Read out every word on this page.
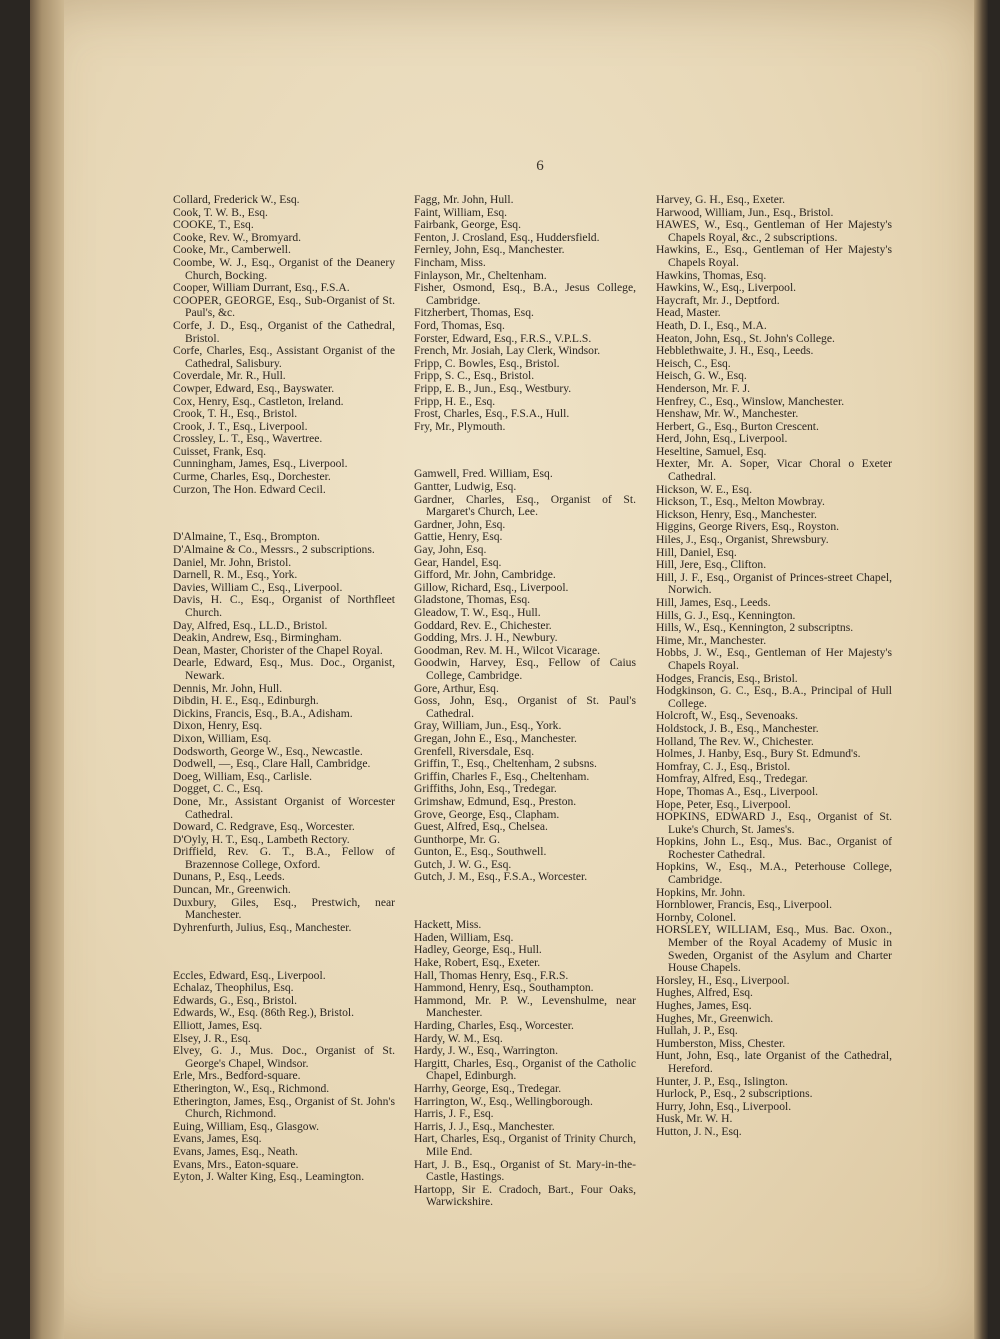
6

Collard, Frederick W., Esq.

Cook, T. W. B., Esq.

COOKE, T., Esq.

Cooke, Rev. W., Bromyard.

Cooke, Mr., Camberwell.

Coombe, W. J., Esq., Organist of the Deanery Church, Bocking.

Cooper, William Durrant, Esq., F.S.A.

COOPER, GEORGE, Esq., Sub-Organist of St. Paul's, &c.

Corfe, J. D., Esq., Organist of the Cathedral, Bristol.

Corfe, Charles, Esq., Assistant Organist of the Cathedral, Salisbury.

Coverdale, Mr. R., Hull.

Cowper, Edward, Esq., Bayswater.

Cox, Henry, Esq., Castleton, Ireland.

Crook, T. H., Esq., Bristol.

Crook, J. T., Esq., Liverpool.

Crossley, L. T., Esq., Wavertree.

Cuisset, Frank, Esq.

Cunningham, James, Esq., Liverpool.

Curme, Charles, Esq., Dorchester.

Curzon, The Hon. Edward Cecil.

D'Almaine, T., Esq., Brompton.

D'Almaine & Co., Messrs., 2 subscriptions.

Daniel, Mr. John, Bristol.

Darnell, R. M., Esq., York.

Davies, William C., Esq., Liverpool.

Davis, H. C., Esq., Organist of Northfleet Church.

Day, Alfred, Esq., LL.D., Bristol.

Deakin, Andrew, Esq., Birmingham.

Dean, Master, Chorister of the Chapel Royal.

Dearle, Edward, Esq., Mus. Doc., Organist, Newark.

Dennis, Mr. John, Hull.

Dibdin, H. E., Esq., Edinburgh.

Dickins, Francis, Esq., B.A., Adisham.

Dixon, Henry, Esq.

Dixon, William, Esq.

Dodsworth, George W., Esq., Newcastle.

Dodwell, —, Esq., Clare Hall, Cambridge.

Doeg, William, Esq., Carlisle.

Dogget, C. C., Esq.

Done, Mr., Assistant Organist of Worcester Cathedral.

Doward, C. Redgrave, Esq., Worcester.

D'Oyly, H. T., Esq., Lambeth Rectory.

Driffield, Rev. G. T., B.A., Fellow of Brazennose College, Oxford.

Dunans, P., Esq., Leeds.

Duncan, Mr., Greenwich.

Duxbury, Giles, Esq., Prestwich, near Manchester.

Dyhrenfurth, Julius, Esq., Manchester.

Eccles, Edward, Esq., Liverpool.

Echalaz, Theophilus, Esq.

Edwards, G., Esq., Bristol.

Edwards, W., Esq. (86th Reg.), Bristol.

Elliott, James, Esq.

Elsey, J. R., Esq.

Elvey, G. J., Mus. Doc., Organist of St. George's Chapel, Windsor.

Erle, Mrs., Bedford-square.

Etherington, W., Esq., Richmond.

Etherington, James, Esq., Organist of St. John's Church, Richmond.

Euing, William, Esq., Glasgow.

Evans, James, Esq.

Evans, James, Esq., Neath.

Evans, Mrs., Eaton-square.

Eyton, J. Walter King, Esq., Leamington.

Fagg, Mr. John, Hull.

Faint, William, Esq.

Fairbank, George, Esq.

Fenton, J. Crosland, Esq., Huddersfield.

Fernley, John, Esq., Manchester.

Fincham, Miss.

Finlayson, Mr., Cheltenham.

Fisher, Osmond, Esq., B.A., Jesus College, Cambridge.

Fitzherbert, Thomas, Esq.

Ford, Thomas, Esq.

Forster, Edward, Esq., F.R.S., V.P.L.S.

French, Mr. Josiah, Lay Clerk, Windsor.

Fripp, C. Bowles, Esq., Bristol.

Fripp, S. C., Esq., Bristol.

Fripp, E. B., Jun., Esq., Westbury.

Fripp, H. E., Esq.

Frost, Charles, Esq., F.S.A., Hull.

Fry, Mr., Plymouth.

Gamwell, Fred. William, Esq.

Gantter, Ludwig, Esq.

Gardner, Charles, Esq., Organist of St. Margaret's Church, Lee.

Gardner, John, Esq.

Gattie, Henry, Esq.

Gay, John, Esq.

Gear, Handel, Esq.

Gifford, Mr. John, Cambridge.

Gillow, Richard, Esq., Liverpool.

Gladstone, Thomas, Esq.

Gleadow, T. W., Esq., Hull.

Goddard, Rev. E., Chichester.

Godding, Mrs. J. H., Newbury.

Goodman, Rev. M. H., Wilcot Vicarage.

Goodwin, Harvey, Esq., Fellow of Caius College, Cambridge.

Gore, Arthur, Esq.

Goss, John, Esq., Organist of St. Paul's Cathedral.

Gray, William, Jun., Esq., York.

Gregan, John E., Esq., Manchester.

Grenfell, Riversdale, Esq.

Griffin, T., Esq., Cheltenham, 2 subsns.

Griffin, Charles F., Esq., Cheltenham.

Griffiths, John, Esq., Tredegar.

Grimshaw, Edmund, Esq., Preston.

Grove, George, Esq., Clapham.

Guest, Alfred, Esq., Chelsea.

Gunthorpe, Mr. G.

Gunton, E., Esq., Southwell.

Gutch, J. W. G., Esq.

Gutch, J. M., Esq., F.S.A., Worcester.

Hackett, Miss.

Haden, William, Esq.

Hadley, George, Esq., Hull.

Hake, Robert, Esq., Exeter.

Hall, Thomas Henry, Esq., F.R.S.

Hammond, Henry, Esq., Southampton.

Hammond, Mr. P. W., Levenshulme, near Manchester.

Harding, Charles, Esq., Worcester.

Hardy, W. M., Esq.

Hardy, J. W., Esq., Warrington.

Hargitt, Charles, Esq., Organist of the Catholic Chapel, Edinburgh.

Harrhy, George, Esq., Tredegar.

Harrington, W., Esq., Wellingborough.

Harris, J. F., Esq.

Harris, J. J., Esq., Manchester.

Hart, Charles, Esq., Organist of Trinity Church, Mile End.

Hart, J. B., Esq., Organist of St. Mary-in-the-Castle, Hastings.

Hartopp, Sir E. Cradoch, Bart., Four Oaks, Warwickshire.

Harvey, G. H., Esq., Exeter.

Harwood, William, Jun., Esq., Bristol.

HAWES, W., Esq., Gentleman of Her Majesty's Chapels Royal, &c., 2 subscriptions.

Hawkins, E., Esq., Gentleman of Her Majesty's Chapels Royal.

Hawkins, Thomas, Esq.

Hawkins, W., Esq., Liverpool.

Haycraft, Mr. J., Deptford.

Head, Master.

Heath, D. I., Esq., M.A.

Heaton, John, Esq., St. John's College.

Hebblethwaite, J. H., Esq., Leeds.

Heisch, C., Esq.

Heisch, G. W., Esq.

Henderson, Mr. F. J.

Henfrey, C., Esq., Winslow, Manchester.

Henshaw, Mr. W., Manchester.

Herbert, G., Esq., Burton Crescent.

Herd, John, Esq., Liverpool.

Heseltine, Samuel, Esq.

Hexter, Mr. A. Soper, Vicar Choral o Exeter Cathedral.

Hickson, W. E., Esq.

Hickson, T., Esq., Melton Mowbray.

Hickson, Henry, Esq., Manchester.

Higgins, George Rivers, Esq., Royston.

Hiles, J., Esq., Organist, Shrewsbury.

Hill, Daniel, Esq.

Hill, Jere, Esq., Clifton.

Hill, J. F., Esq., Organist of Princes-street Chapel, Norwich.

Hill, James, Esq., Leeds.

Hills, G. J., Esq., Kennington.

Hills, W., Esq., Kennington, 2 subscriptns.

Hime, Mr., Manchester.

Hobbs, J. W., Esq., Gentleman of Her Majesty's Chapels Royal.

Hodges, Francis, Esq., Bristol.

Hodgkinson, G. C., Esq., B.A., Principal of Hull College.

Holcroft, W., Esq., Sevenoaks.

Holdstock, J. B., Esq., Manchester.

Holland, The Rev. W., Chichester.

Holmes, J. Hanby, Esq., Bury St. Edmund's.

Homfray, C. J., Esq., Bristol.

Homfray, Alfred, Esq., Tredegar.

Hope, Thomas A., Esq., Liverpool.

Hope, Peter, Esq., Liverpool.

HOPKINS, EDWARD J., Esq., Organist of St. Luke's Church, St. James's.

Hopkins, John L., Esq., Mus. Bac., Organist of Rochester Cathedral.

Hopkins, W., Esq., M.A., Peterhouse College, Cambridge.

Hopkins, Mr. John.

Hornblower, Francis, Esq., Liverpool.

Hornby, Colonel.

HORSLEY, WILLIAM, Esq., Mus. Bac. Oxon., Member of the Royal Academy of Music in Sweden, Organist of the Asylum and Charter House Chapels.

Horsley, H., Esq., Liverpool.

Hughes, Alfred, Esq.

Hughes, James, Esq.

Hughes, Mr., Greenwich.

Hullah, J. P., Esq.

Humberston, Miss, Chester.

Hunt, John, Esq., late Organist of the Cathedral, Hereford.

Hunter, J. P., Esq., Islington.

Hurlock, P., Esq., 2 subscriptions.

Hurry, John, Esq., Liverpool.

Husk, Mr. W. H.

Hutton, J. N., Esq.
